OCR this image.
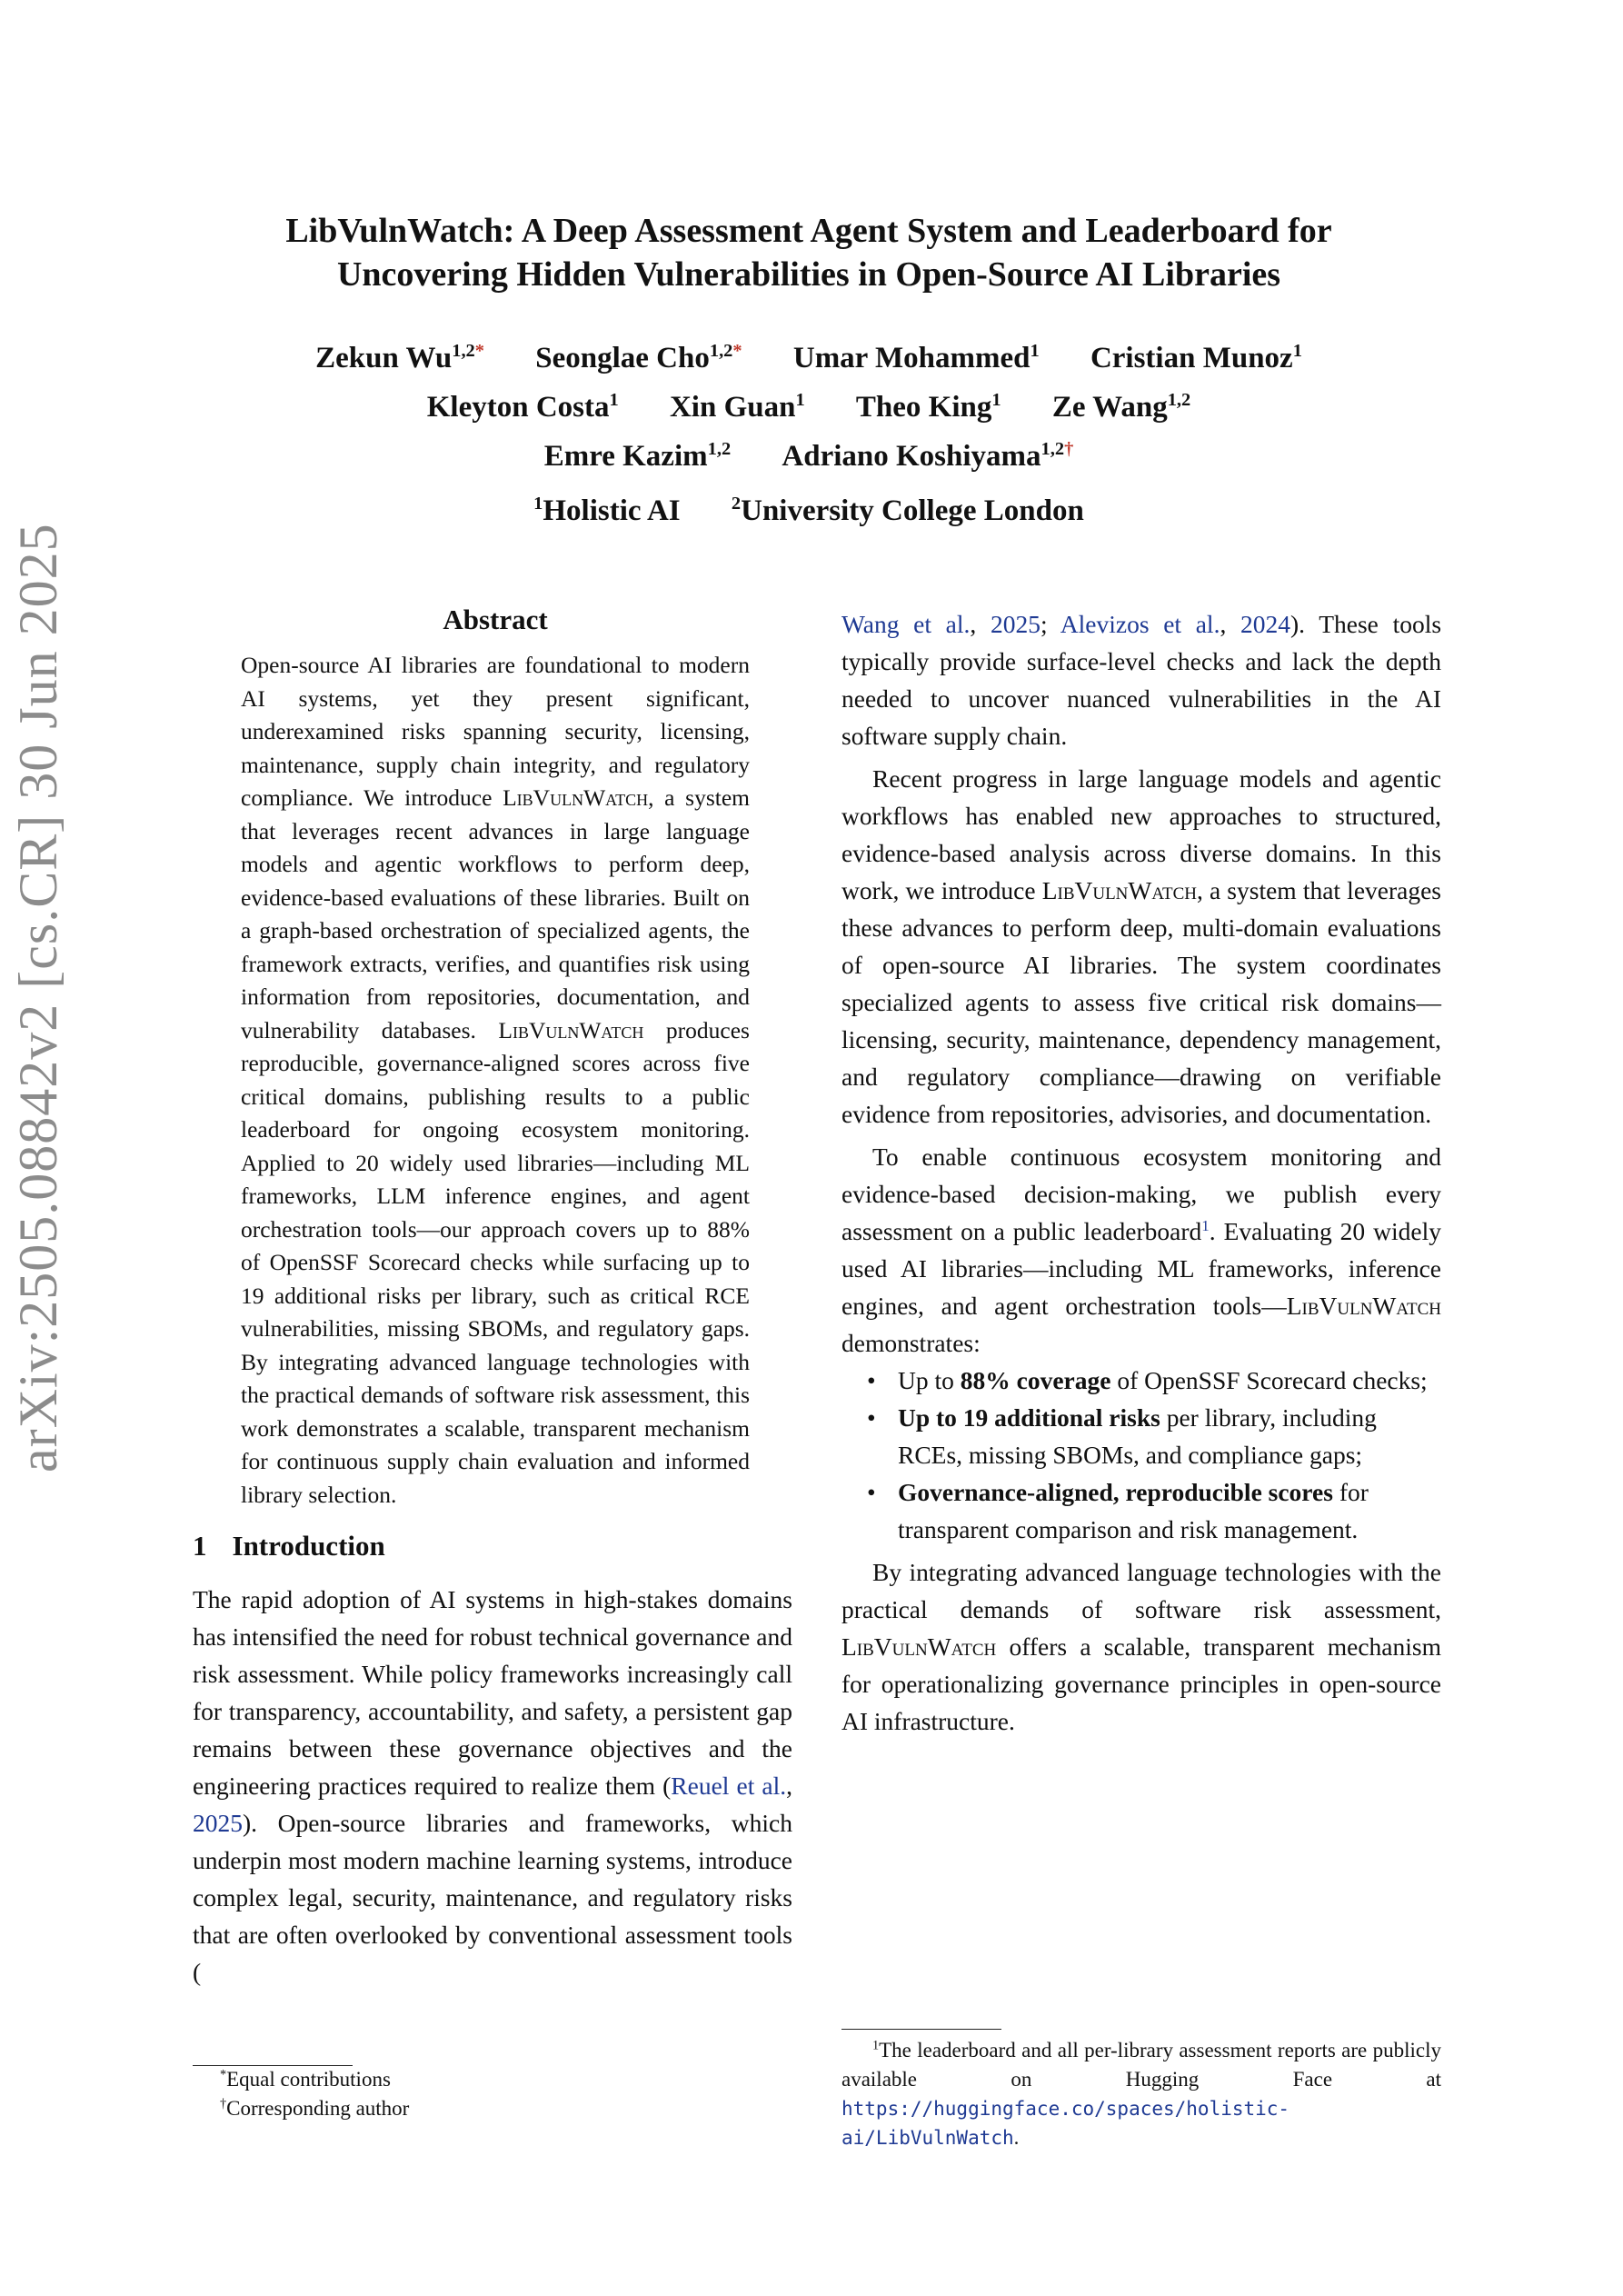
arXiv:2505.08842v2 [cs.CR] 30 Jun 2025
LibVulnWatch: A Deep Assessment Agent System and Leaderboard for
Uncovering Hidden Vulnerabilities in Open-Source AI Libraries
Zekun $Wu^{1,2*}$ Seonglae Cho$^{1,2*}$ Umar Mohammed$^1$ Cristian Munoz$^1$
Kleyton Costa$^1$ Xin Guan$^1$ Theo King$^1$ Ze Wang$^{1,2}$
Emre Kazim$^{1,2}$ Adriano Koshiyama$^{1,2\dagger}$
$^1$Holistic AI	$^2$University College London
Abstract

Open-source AI libraries are foundational to modern AI systems, yet they present significant, underexamined risks spanning security, licensing, maintenance, supply chain integrity, and regulatory compliance. We introduce LibVulnWatch, a system that leverages recent advances in large language models and agentic workflows to perform deep, evidence-based evaluations of these libraries. Built on a graph-based orchestration of specialized agents, the framework extracts, verifies, and quantifies risk using information from repositories, documentation, and vulnerability databases. LibVulnWatch produces reproducible, governance-aligned scores across five critical domains, publishing results to a public leaderboard for ongoing ecosystem monitoring. Applied to 20 widely used libraries—including ML frameworks, LLM inference engines, and agent orchestration tools—our approach covers up to 88% of OpenSSF Scorecard checks while surfacing up to 19 additional risks per library, such as critical RCE vulnerabilities, missing SBOMs, and regulatory gaps. By integrating advanced language technologies with the practical demands of software risk assessment, this work demonstrates a scalable, transparent mechanism for continuous supply chain evaluation and informed library selection.

1 Introduction

The rapid adoption of AI systems in high-stakes domains has intensified the need for robust technical governance and risk assessment. While policy frameworks increasingly call for transparency, accountability, and safety, a persistent gap remains between these governance objectives and the engineering practices required to realize them (Reuel et al., 2025). Open-source libraries and frameworks, which underpin most modern machine learning systems, introduce complex legal, security, maintenance, and regulatory risks that are often overlooked by conventional assessment tools (

Wang et al., 2025; Alevizos et al., 2024). These tools typically provide surface-level checks and lack the depth needed to uncover nuanced vulnerabilities in the AI software supply chain.

Recent progress in large language models and agentic workflows has enabled new approaches to structured, evidence-based analysis across diverse domains. In this work, we introduce LibVulnWatch, a system that leverages these advances to perform deep, multi-domain evaluations of open-source AI libraries. The system coordinates specialized agents to assess five critical risk domains—licensing, security, maintenance, dependency management, and regulatory compliance—drawing on verifiable evidence from repositories, advisories, and documentation.

To enable continuous ecosystem monitoring and evidence-based decision-making, we publish every assessment on a public leaderboard$^1$. Evaluating 20 widely used AI libraries—including ML frameworks, inference engines, and agent orchestration tools—LibVulnWatch demonstrates:

• Up to 88% coverage of OpenSSF Scorecard checks;
• Up to 19 additional risks per library, including RCEs, missing SBOMs, and compliance gaps;
• Governance-aligned, reproducible scores for transparent comparison and risk management.

By integrating advanced language technologies with the practical demands of software risk assessment, LibVulnWatch offers a scalable, transparent mechanism for operationalizing governance principles in open-source AI infrastructure.

*Equal contributions
†Corresponding author

$^1$The leaderboard and all per-library assessment reports are publicly available on Hugging Face at https://huggingface.co/spaces/holistic-ai/LibVulnWatch.
